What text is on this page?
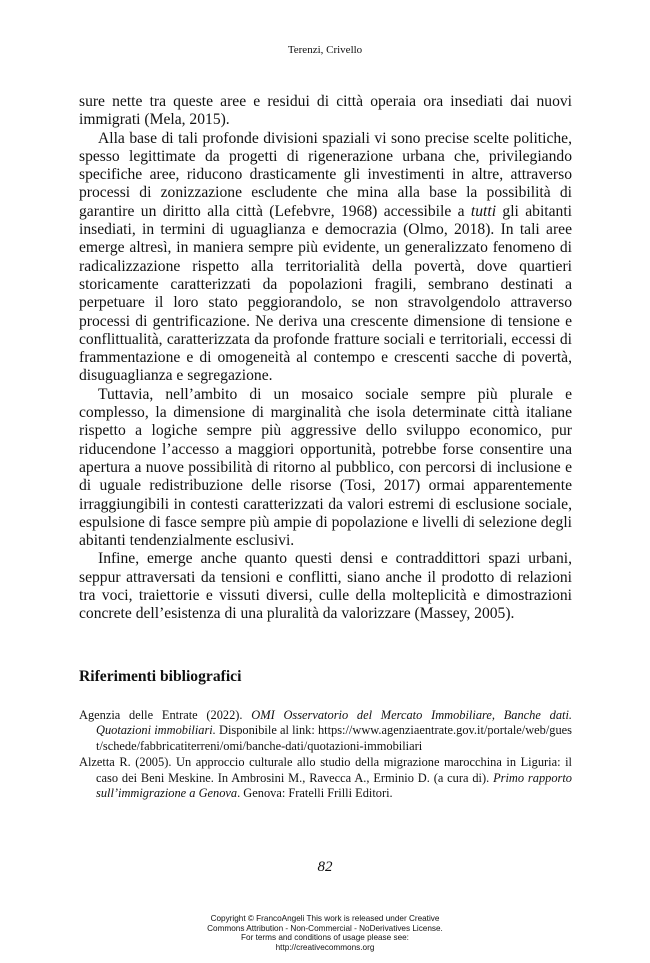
Terenzi, Crivello

sure nette tra queste aree e residui di città operaia ora insediati dai nuovi immigrati (Mela, 2015).

Alla base di tali profonde divisioni spaziali vi sono precise scelte politiche, spesso legittimate da progetti di rigenerazione urbana che, privilegiando specifiche aree, riducono drasticamente gli investimenti in altre, attraverso processi di zonizzazione escludente che mina alla base la possibilità di garantire un diritto alla città (Lefebvre, 1968) accessibile a tutti gli abitanti insediati, in termini di uguaglianza e democrazia (Olmo, 2018). In tali aree emerge altresì, in maniera sempre più evidente, un generalizzato fenomeno di radicalizzazione rispetto alla territorialità della povertà, dove quartieri storicamente caratterizzati da popolazioni fragili, sembrano destinati a perpetuare il loro stato peggiorandolo, se non stravolgendolo attraverso processi di gentrificazione. Ne deriva una crescente dimensione di tensione e conflittualità, caratterizzata da profonde fratture sociali e territoriali, eccessi di frammentazione e di omogeneità al contempo e crescenti sacche di povertà, disuguaglianza e segregazione.

Tuttavia, nell’ambito di un mosaico sociale sempre più plurale e complesso, la dimensione di marginalità che isola determinate città italiane rispetto a logiche sempre più aggressive dello sviluppo economico, pur riducendone l’accesso a maggiori opportunità, potrebbe forse consentire una apertura a nuove possibilità di ritorno al pubblico, con percorsi di inclusione e di uguale redistribuzione delle risorse (Tosi, 2017) ormai apparentemente irraggiungibili in contesti caratterizzati da valori estremi di esclusione sociale, espulsione di fasce sempre più ampie di popolazione e livelli di selezione degli abitanti tendenzialmente esclusivi.

Infine, emerge anche quanto questi densi e contraddittori spazi urbani, seppur attraversati da tensioni e conflitti, siano anche il prodotto di relazioni tra voci, traiettorie e vissuti diversi, culle della molteplicità e dimostrazioni concrete dell’esistenza di una pluralità da valorizzare (Massey, 2005).

Riferimenti bibliografici

Agenzia delle Entrate (2022). OMI Osservatorio del Mercato Immobiliare, Banche dati. Quotazioni immobiliari. Disponibile al link: https://www.agenziaentrate.gov.it/portale/web/guest/schede/fabbricatiterreni/omi/banche-dati/quotazioni-immobiliari

Alzetta R. (2005). Un approccio culturale allo studio della migrazione marocchina in Liguria: il caso dei Beni Meskine. In Ambrosini M., Ravecca A., Erminio D. (a cura di). Primo rapporto sull’immigrazione a Genova. Genova: Fratelli Frilli Editori.

82
Copyright © FrancoAngeli This work is released under Creative
Commons Attribution - Non-Commercial - NoDerivatives License.
For terms and conditions of usage please see:
http://creativecommons.org
